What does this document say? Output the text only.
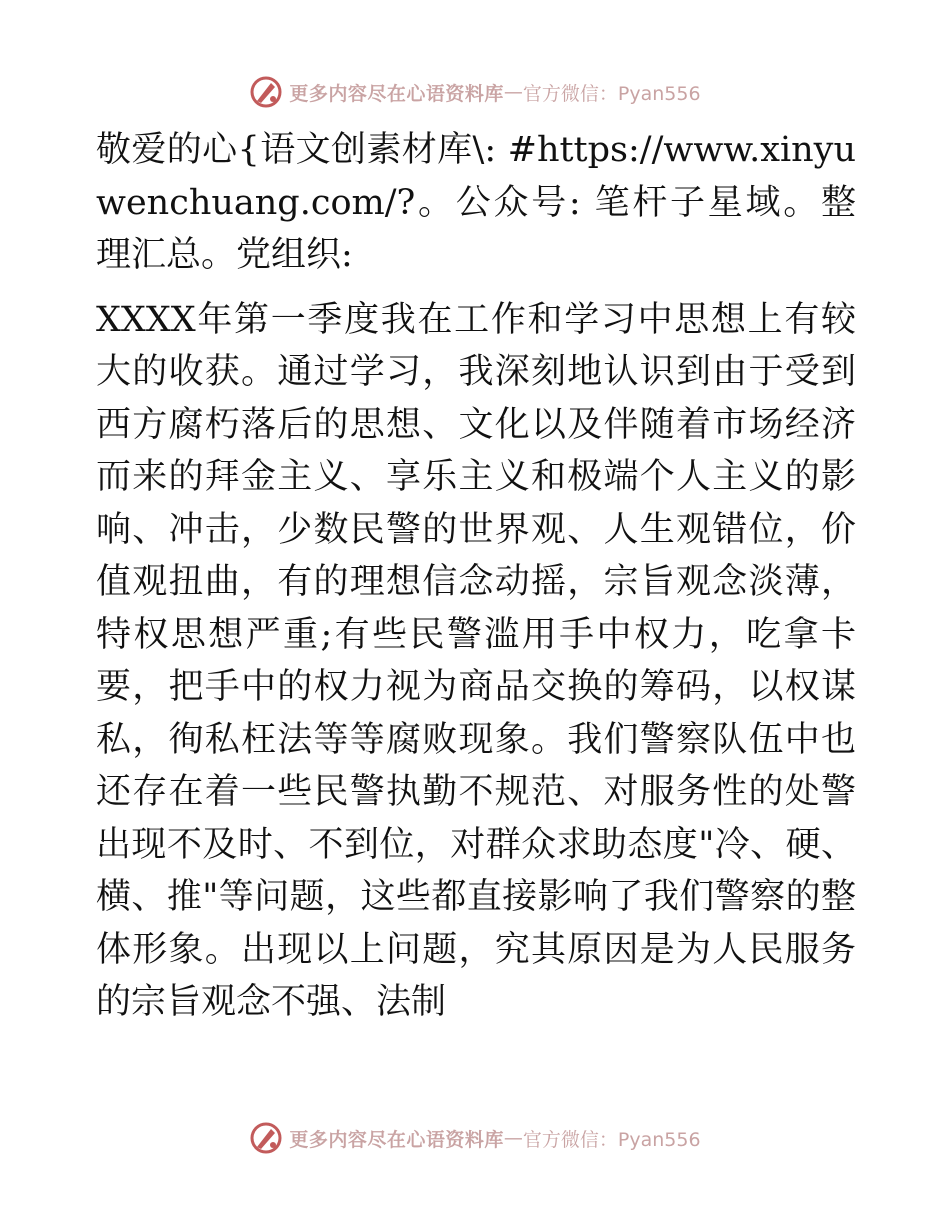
更多内容尽在心语资料库 — 官方微信：Pyan556

敬爱的心{语文创素材库\: #https://www.xinyuwenchuang.com/?。公众号: 笔杆子星域。整理汇总。党组织:

XXXX年第一季度我在工作和学习中思想上有较大的收获。通过学习，我深刻地认识到由于受到西方腐朽落后的思想、文化以及伴随着市场经济而来的拜金主义、享乐主义和极端个人主义的影响、冲击，少数民警的世界观、人生观错位，价值观扭曲，有的理想信念动摇，宗旨观念淡薄，特权思想严重;有些民警滥用手中权力，吃拿卡要，把手中的权力视为商品交换的筹码，以权谋私，徇私枉法等等腐败现象。我们警察队伍中也还存在着一些民警执勤不规范、对服务性的处警出现不及时、不到位，对群众求助态度"冷、硬、横、推"等问题，这些都直接影响了我们警察的整体形象。出现以上问题，究其原因是为人民服务的宗旨观念不强、法制

更多内容尽在心语资料库 — 官方微信：Pyan556
